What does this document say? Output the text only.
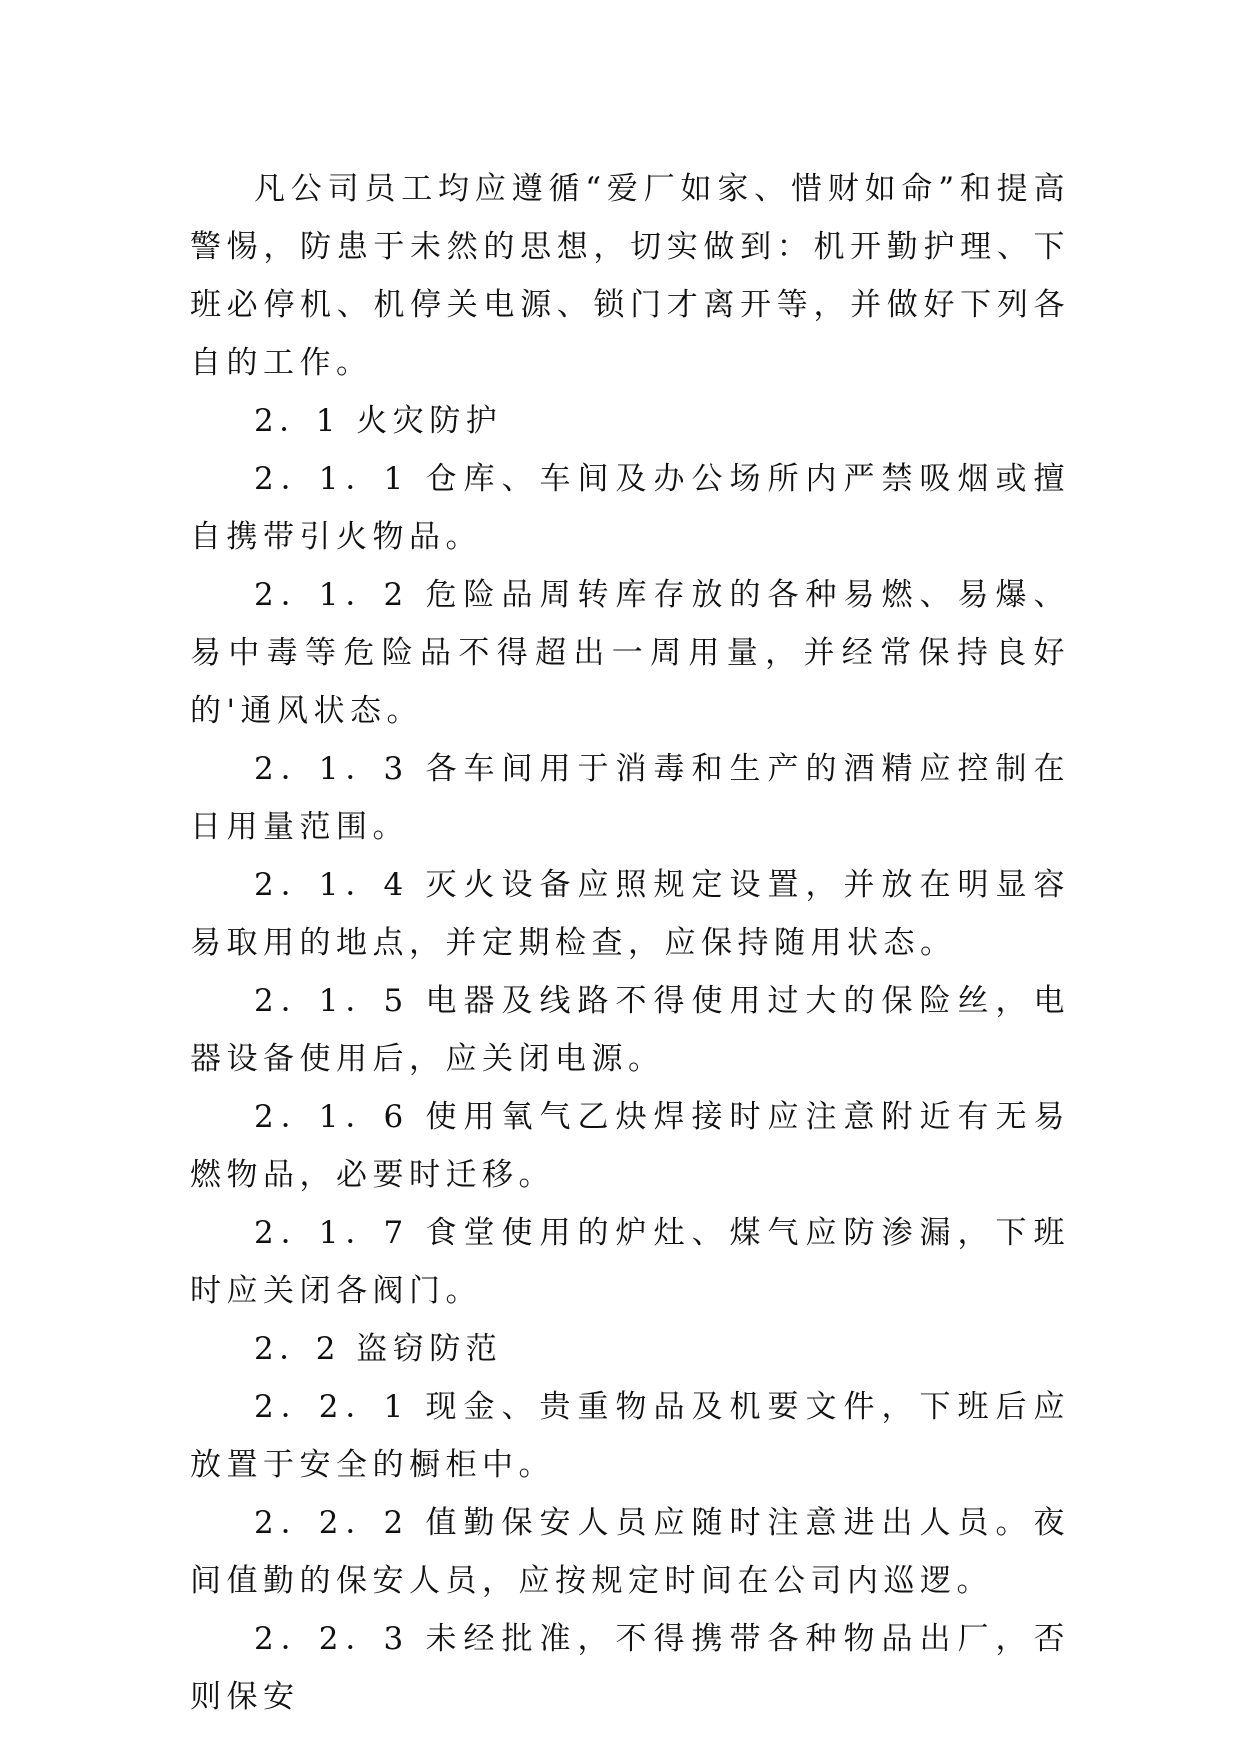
凡公司员工均应遵循“爱厂如家、惜财如命”和提高警惕，防患于未然的思想，切实做到：机开勤护理、下班必停机、机停关电源、锁门才离开等，并做好下列各自的工作。

2．1 火灾防护

2．1．1 仓库、车间及办公场所内严禁吸烟或擅自携带引火物品。

2．1．2 危险品周转库存放的各种易燃、易爆、易中毒等危险品不得超出一周用量，并经常保持良好的'通风状态。

2．1．3 各车间用于消毒和生产的酒精应控制在日用量范围。

2．1．4 灭火设备应照规定设置，并放在明显容易取用的地点，并定期检查，应保持随用状态。

2．1．5 电器及线路不得使用过大的保险丝，电器设备使用后，应关闭电源。

2．1．6 使用氧气乙炔焊接时应注意附近有无易燃物品，必要时迁移。

2．1．7 食堂使用的炉灶、煤气应防渗漏，下班时应关闭各阀门。

2．2 盗窃防范

2．2．1 现金、贵重物品及机要文件，下班后应放置于安全的橱柜中。

2．2．2 值勤保安人员应随时注意进出人员。夜间值勤的保安人员，应按规定时间在公司内巡逻。

2．2．3 未经批准，不得携带各种物品出厂，否则保安
